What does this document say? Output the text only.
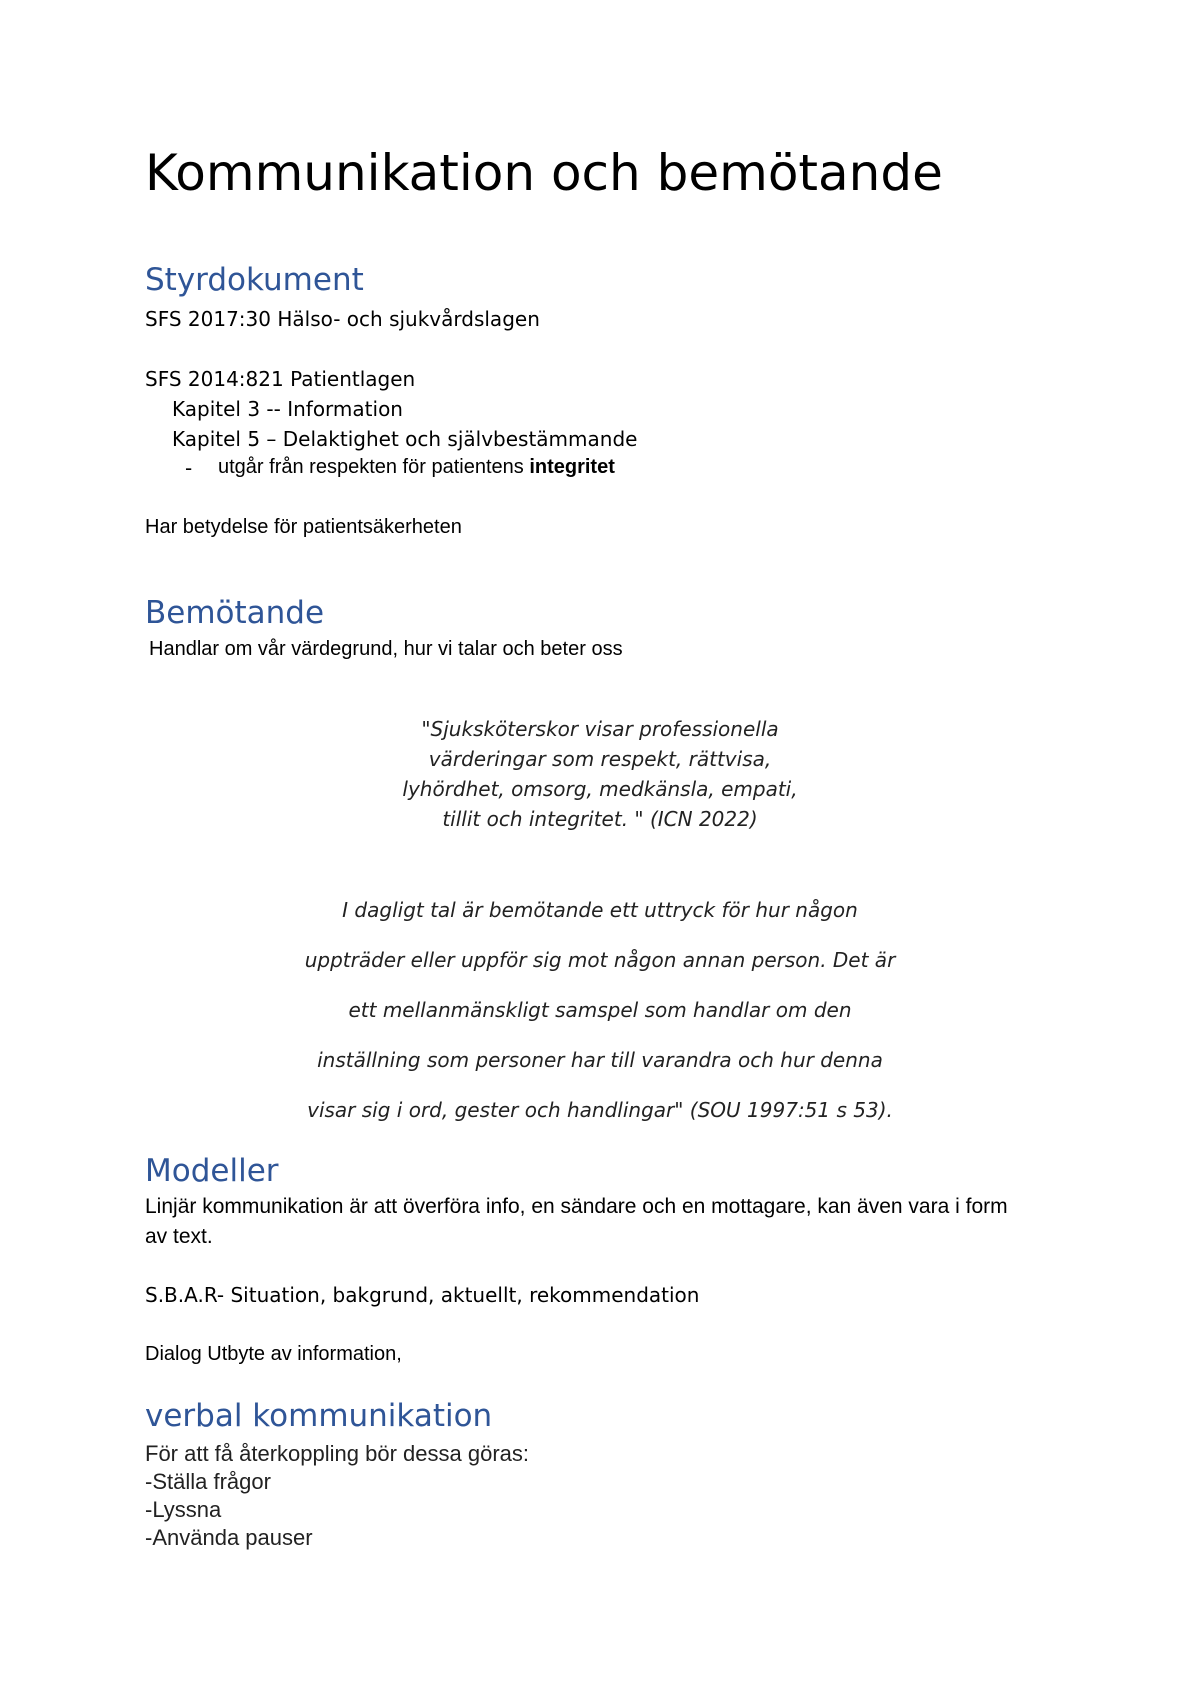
Kommunikation och bemötande
Styrdokument
SFS 2017:30 Hälso- och sjukvårdslagen
SFS 2014:821 Patientlagen
Kapitel 3 -- Information
Kapitel 5 – Delaktighet och självbestämmande
- utgår från respekten för patientens integritet
Har betydelse för patientsäkerheten
Bemötande
Handlar om vår värdegrund, hur vi talar och beter oss
"Sjuksköterskor visar professionella
värderingar som respekt, rättvisa,
lyhördhet, omsorg, medkänsla, empati,
tillit och integritet. " (ICN 2022)
I dagligt tal är bemötande ett uttryck för hur någon
uppträder eller uppför sig mot någon annan person. Det är
ett mellanmänskligt samspel som handlar om den
inställning som personer har till varandra och hur denna
visar sig i ord, gester och handlingar" (SOU 1997:51 s 53).
Modeller
Linjär kommunikation är att överföra info, en sändare och en mottagare, kan även vara i form
av text.
S.B.A.R- Situation, bakgrund, aktuellt, rekommendation
Dialog Utbyte av information,
verbal kommunikation
För att få återkoppling bör dessa göras:
-Ställa frågor
-Lyssna
-Använda pauser
